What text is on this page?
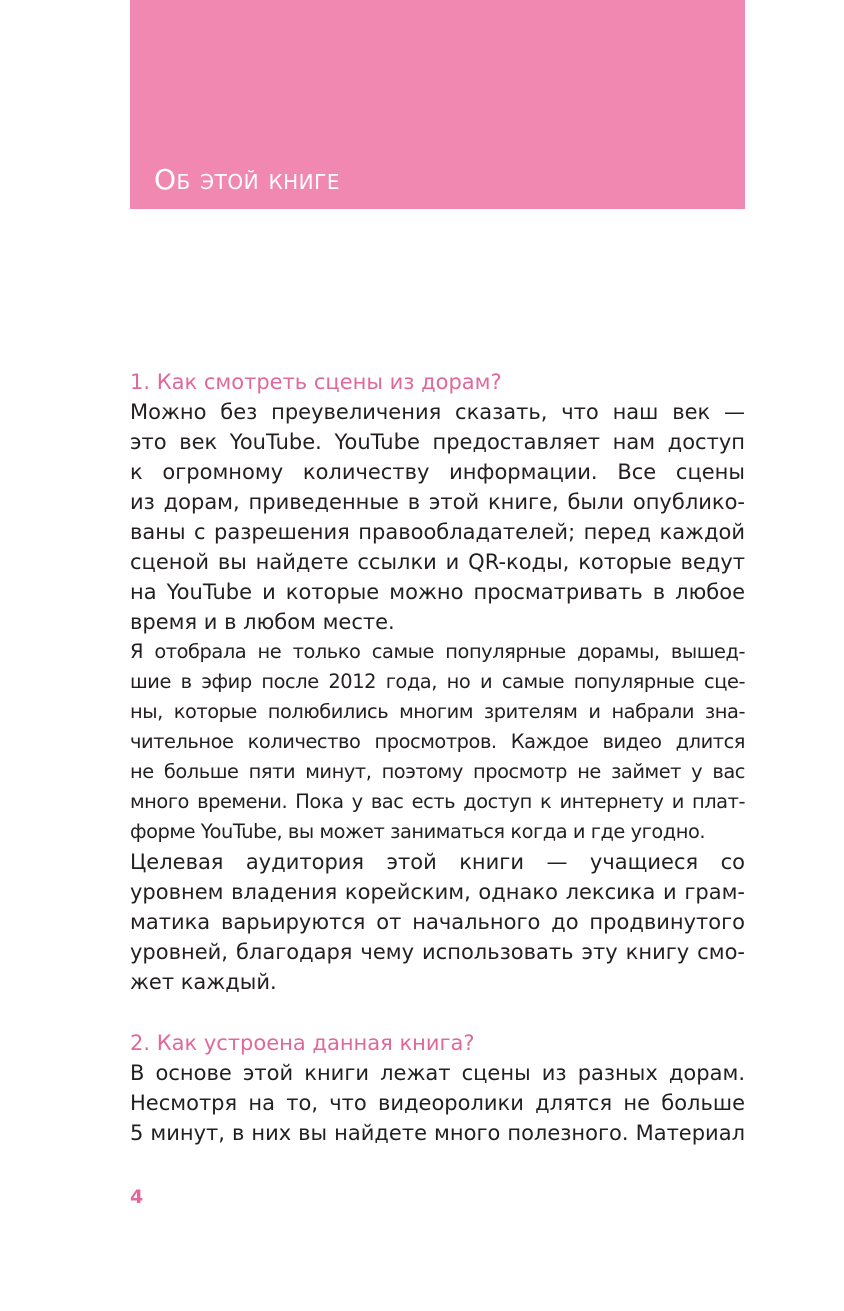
Об этой книге
1. Как смотреть сцены из дорам?

Можно без преувеличения сказать, что наш век —

это век YouTube. YouTube предоставляет нам доступ

к огромному количеству информации. Все сцены

из дорам, приведенные в этой книге, были опублико-

ваны с разрешения правообладателей; перед каждой

сценой вы найдете ссылки и QR-коды, которые ведут

на YouTube и которые можно просматривать в любое

время и в любом месте.

Я отобрала не только самые популярные дорамы, вышед-

шие в эфир после 2012 года, но и самые популярные сце-

ны, которые полюбились многим зрителям и набрали зна-

чительное количество просмотров. Каждое видео длится

не больше пяти минут, поэтому просмотр не займет у вас

много времени. Пока у вас есть доступ к интернету и плат-

форме YouTube, вы может заниматься когда и где угодно.

Целевая аудитория этой книги — учащиеся со

уровнем владения корейским, однако лексика и грам-

матика варьируются от начального до продвинутого

уровней, благодаря чему использовать эту книгу смо-

жет каждый.

2. Как устроена данная книга?

В основе этой книги лежат сцены из разных дорам.

Несмотря на то, что видеоролики длятся не больше

5 минут, в них вы найдете много полезного. Материал

4
